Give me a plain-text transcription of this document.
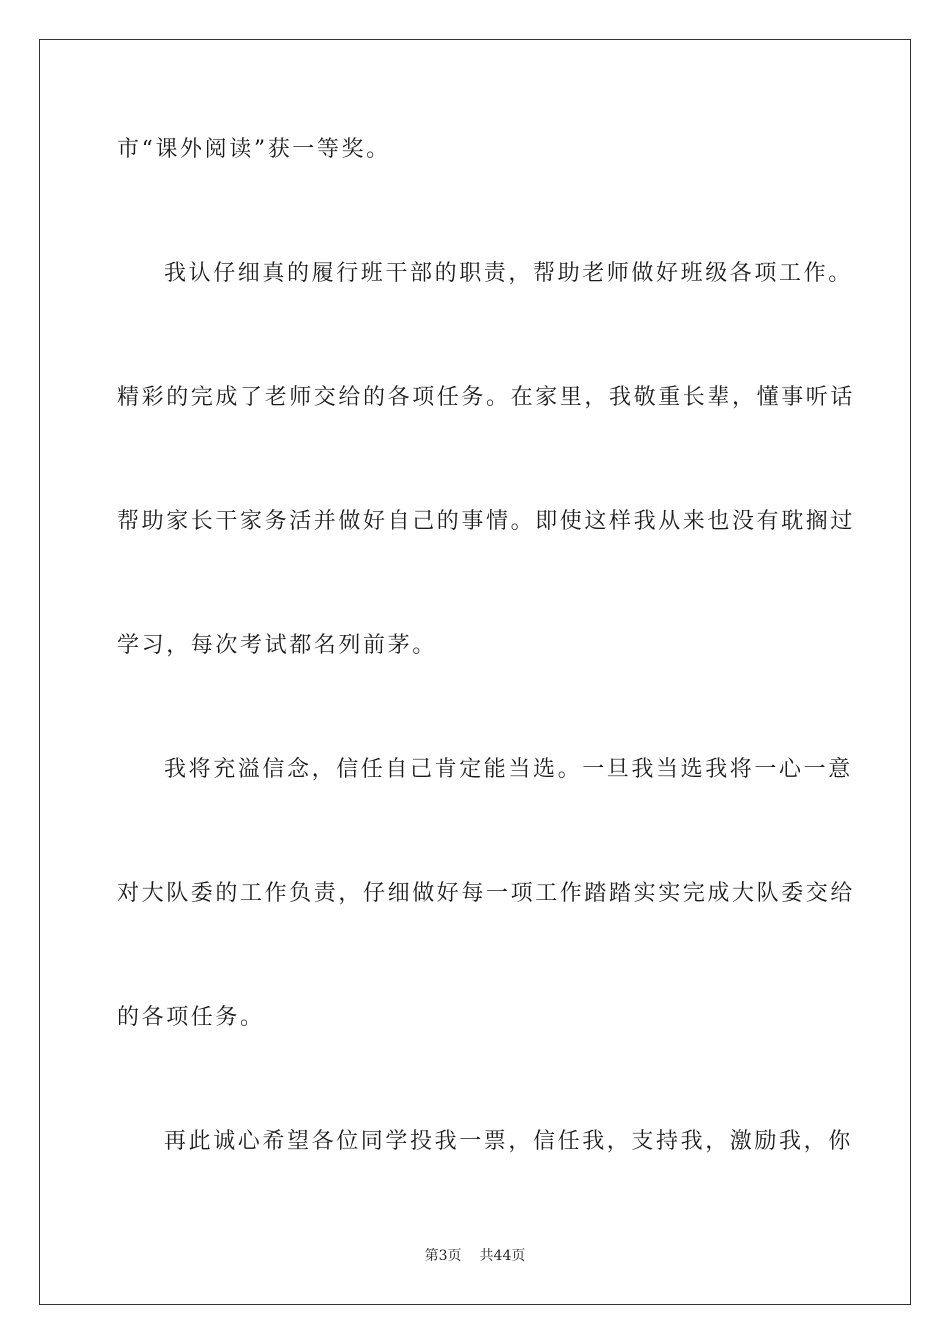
市“课外阅读”获一等奖。

我认仔细真的履行班干部的职责，帮助老师做好班级各项工作。

精彩的完成了老师交给的各项任务。在家里，我敬重长辈，懂事听话

帮助家长干家务活并做好自己的事情。即使这样我从来也没有耽搁过

学习，每次考试都名列前茅。

我将充溢信念，信任自己肯定能当选。一旦我当选我将一心一意

对大队委的工作负责，仔细做好每一项工作踏踏实实完成大队委交给

的各项任务。

再此诚心希望各位同学投我一票，信任我，支持我，激励我，你

第3页 共44页
